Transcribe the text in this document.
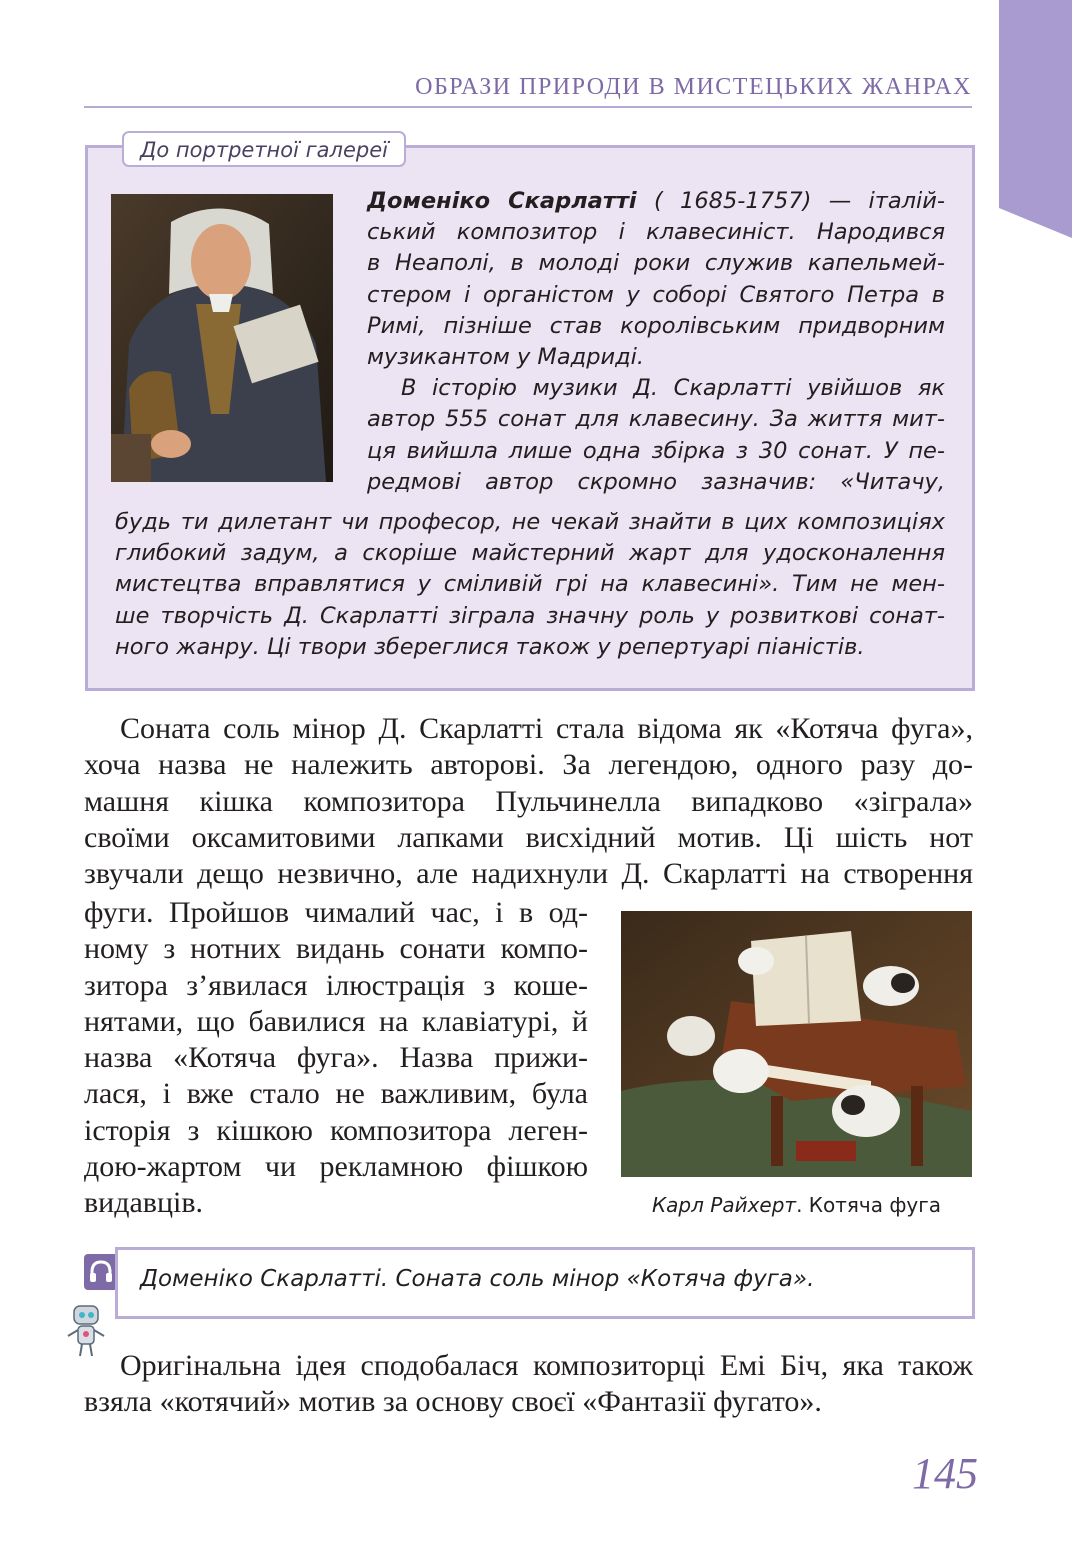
ОБРАЗИ ПРИРОДИ В МИСТЕЦЬКИХ ЖАНРАХ
До портретної галереї
Доменіко Скарлатті ( 1685-1757) — італій-
ський композитор і клавесиніст. Народився
в Неаполі, в молоді роки служив капельмей-
стером і органістом у соборі Святого Петра в
Римі, пізніше став королівським придворним
музикантом у Мадриді.
В історію музики Д. Скарлатті увійшов як
автор 555 сонат для клавесину. За життя мит-
ця вийшла лише одна збірка з 30 сонат. У пе-
редмові автор скромно зазначив: «Читачу,
будь ти дилетант чи професор, не чекай знайти в цих композиціях
глибокий задум, а скоріше майстерний жарт для удосконалення
мистецтва вправлятися у сміливій грі на клавесині». Тим не мен-
ше творчість Д. Скарлатті зіграла значну роль у розвиткові сонат-
ного жанру. Ці твори збереглися також у репертуарі піаністів.
Соната соль мінор Д. Скарлатті стала відома як «Котяча фуга»,
хоча назва не належить авторові. За легендою, одного разу до-
машня кішка композитора Пульчинелла випадково «зіграла»
своїми оксамитовими лапками висхідний мотив. Ці шість нот
звучали дещо незвично, але надихнули Д. Скарлатті на створення
фуги. Пройшов чималий час, і в од-
ному з нотних видань сонати компо-
зитора з’явилася ілюстрація з коше-
нятами, що бавилися на клавіатурі, й
назва «Котяча фуга». Назва прижи-
лася, і вже стало не важливим, була
історія з кішкою композитора леген-
дою-жартом чи рекламною фішкою
видавців.	Карл Райхерт. Котяча фуга
Доменіко Скарлатті. Соната соль мінор «Котяча фуга».
Оригінальна ідея сподобалася композиторці Емі Біч, яка також
взяла «котячий» мотив за основу своєї «Фантазії фугато».
145
